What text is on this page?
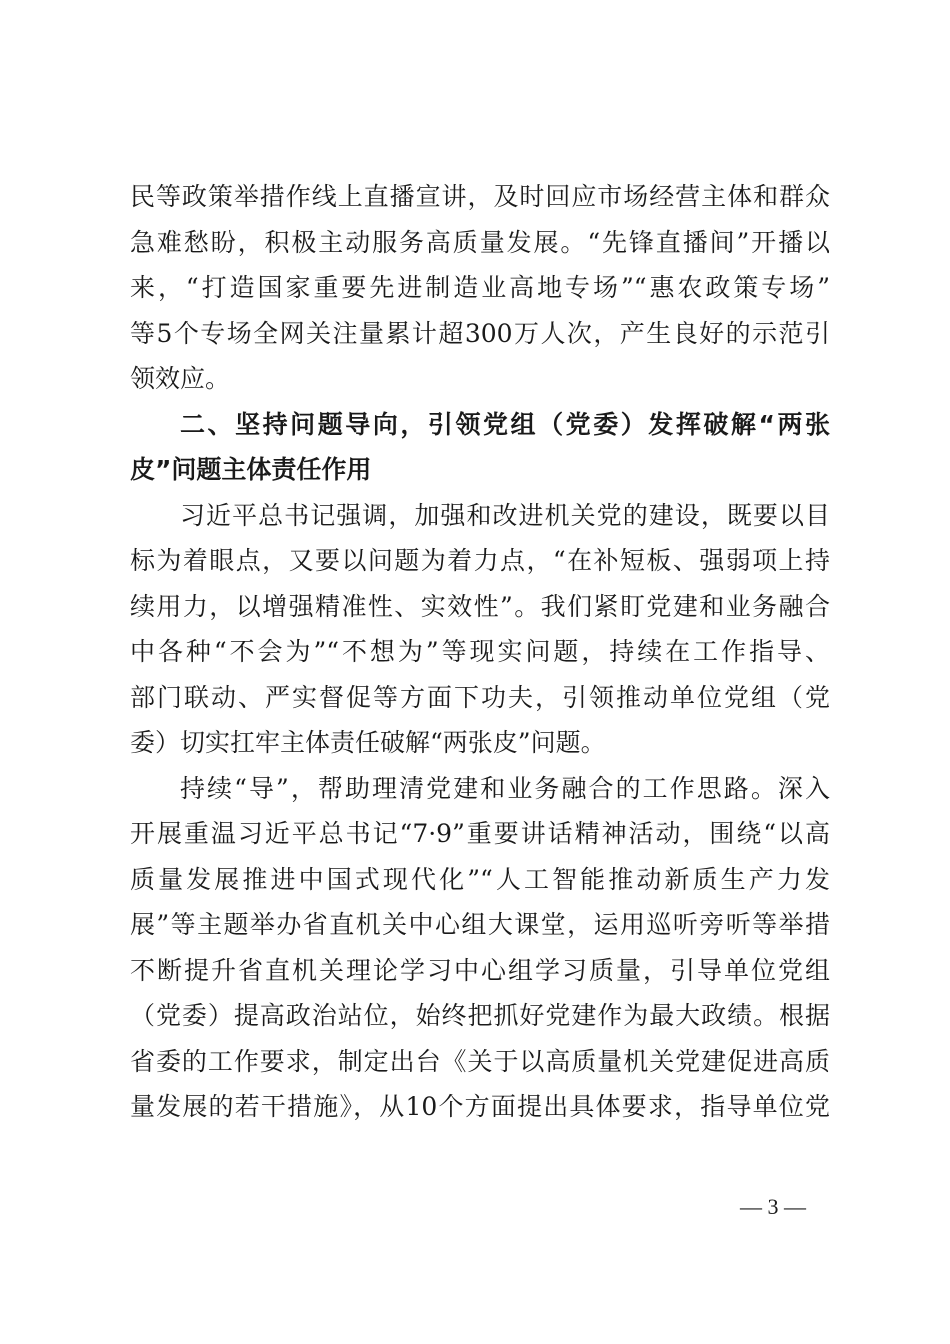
民等政策举措作线上直播宣讲，及时回应市场经营主体和群众
急难愁盼，积极主动服务高质量发展。“先锋直播间”开播以
来，“打造国家重要先进制造业高地专场”“惠农政策专场”
等5个专场全网关注量累计超300万人次，产生良好的示范引
领效应。
二、坚持问题导向，引领党组（党委）发挥破解“两张
皮”问题主体责任作用
习近平总书记强调，加强和改进机关党的建设，既要以目
标为着眼点，又要以问题为着力点，“在补短板、强弱项上持
续用力，以增强精准性、实效性”。我们紧盯党建和业务融合
中各种“不会为”“不想为”等现实问题，持续在工作指导、
部门联动、严实督促等方面下功夫，引领推动单位党组（党
委）切实扛牢主体责任破解“两张皮”问题。
持续“导”，帮助理清党建和业务融合的工作思路。深入
开展重温习近平总书记“7·9”重要讲话精神活动，围绕“以高
质量发展推进中国式现代化”“人工智能推动新质生产力发
展”等主题举办省直机关中心组大课堂，运用巡听旁听等举措
不断提升省直机关理论学习中心组学习质量，引导单位党组
（党委）提高政治站位，始终把抓好党建作为最大政绩。根据
省委的工作要求，制定出台《关于以高质量机关党建促进高质
量发展的若干措施》，从10个方面提出具体要求，指导单位党
— 3 —
